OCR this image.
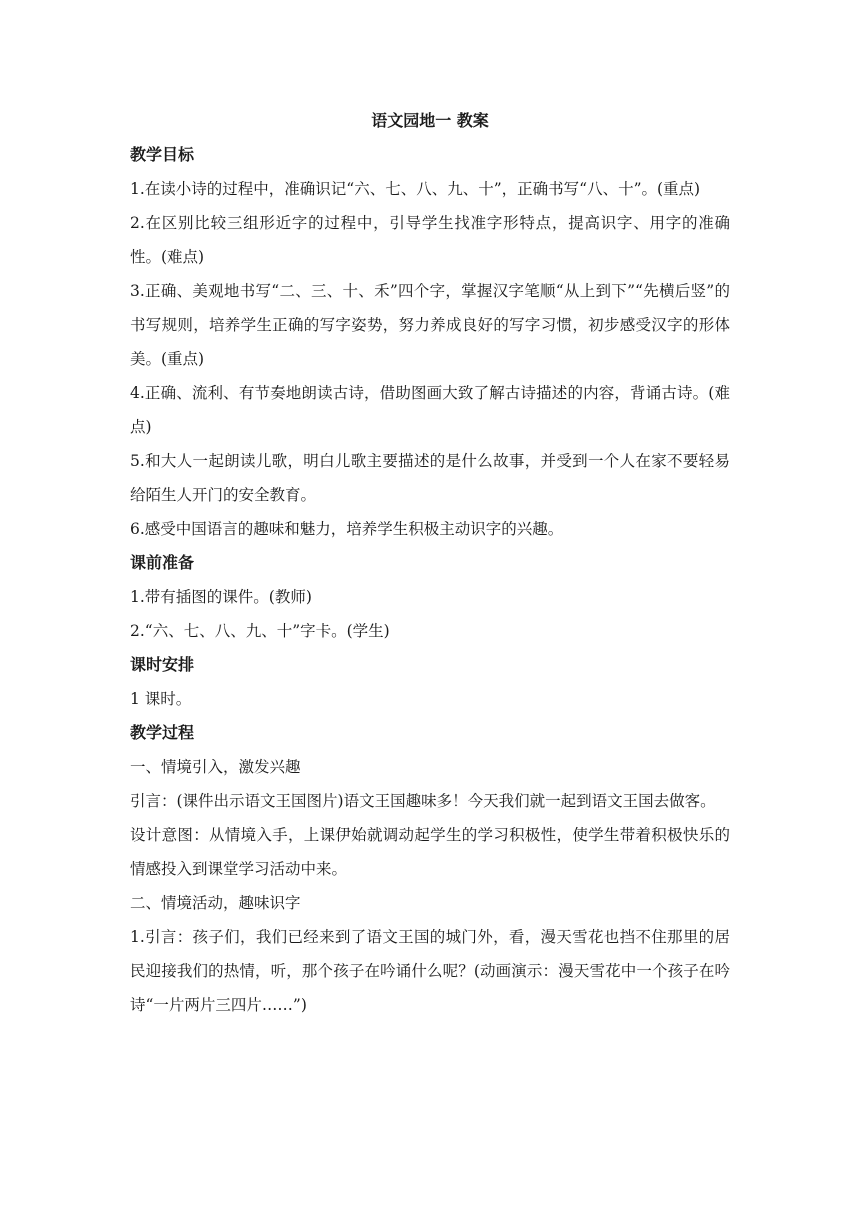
语文园地一 教案
教学目标

1.在读小诗的过程中，准确识记“六、七、八、九、十”，正确书写“八、十”。(重点)

2.在区别比较三组形近字的过程中，引导学生找准字形特点，提高识字、用字的准确性。(难点)

3.正确、美观地书写“二、三、十、禾”四个字，掌握汉字笔顺“从上到下”“先横后竖”的书写规则，培养学生正确的写字姿势，努力养成良好的写字习惯，初步感受汉字的形体美。(重点)

4.正确、流利、有节奏地朗读古诗，借助图画大致了解古诗描述的内容，背诵古诗。(难点)

5.和大人一起朗读儿歌，明白儿歌主要描述的是什么故事，并受到一个人在家不要轻易给陌生人开门的安全教育。

6.感受中国语言的趣味和魅力，培养学生积极主动识字的兴趣。

课前准备

1.带有插图的课件。(教师)

2.“六、七、八、九、十”字卡。(学生)

课时安排

1 课时。

教学过程

一、情境引入，激发兴趣

引言：(课件出示语文王国图片)语文王国趣味多！今天我们就一起到语文王国去做客。

设计意图：从情境入手，上课伊始就调动起学生的学习积极性，使学生带着积极快乐的情感投入到课堂学习活动中来。

二、情境活动，趣味识字

1.引言：孩子们，我们已经来到了语文王国的城门外，看，漫天雪花也挡不住那里的居民迎接我们的热情，听，那个孩子在吟诵什么呢？(动画演示：漫天雪花中一个孩子在吟诗“一片两片三四片……”)
